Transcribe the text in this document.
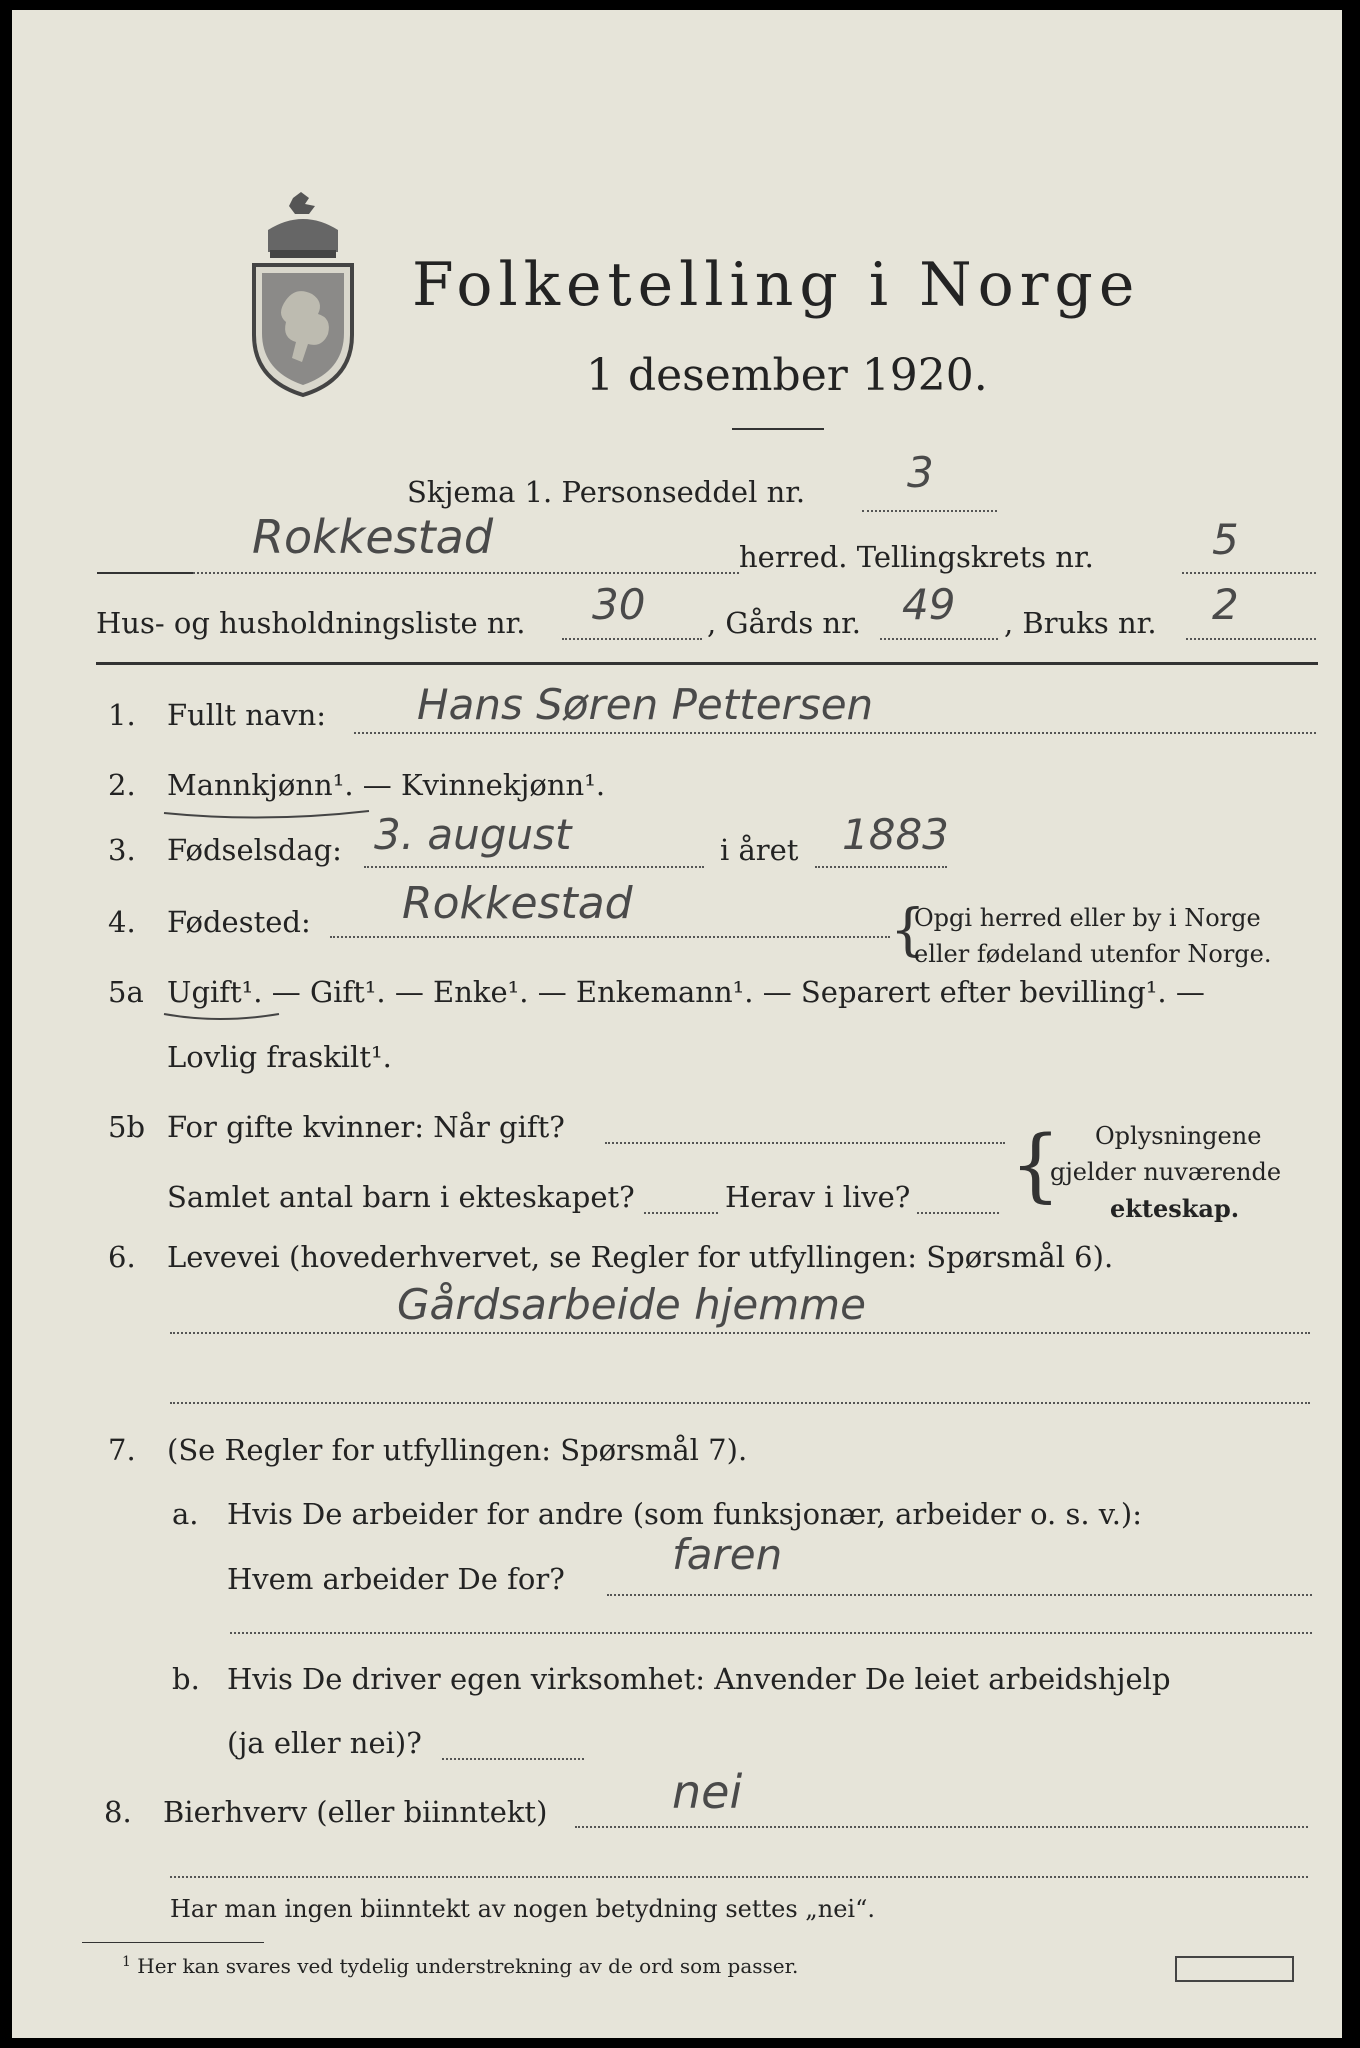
Folketelling i Norge
1 desember 1920.
Skjema 1. Personseddel nr. 3
Rokkestad	herred. Tellingskrets nr.	5
Hus- og husholdningsliste nr. 30 , Gårds nr. 49 , Bruks nr. 2
1. Fullt navn: Hans Søren Pettersen
2. Mannkjønn¹. — Kvinnekjønn¹.
3. Fødselsdag: 3. august	i året 1883
4. Fødested: Rokkestad	{
Opgi herred eller by i Norge
eller fødeland utenfor Norge.
5a Ugift¹. — Gift¹. — Enke¹. — Enkemann¹. — Separert efter bevilling¹. —
Lovlig fraskilt¹.
5b For gifte kvinner: Når gift?
Samlet antal barn i ekteskapet?	Herav i live? { Oplysningene
gjelder nuværende
ekteskap.
6. Levevei (hovederhvervet, se Regler for utfyllingen: Spørsmål 6).
Gårdsarbeide hjemme
7. (Se Regler for utfyllingen: Spørsmål 7).
a. Hvis De arbeider for andre (som funksjonær, arbeider o. s. v.):
Hvem arbeider De for?	faren
b. Hvis De driver egen virksomhet: Anvender De leiet arbeidshjelp
(ja eller nei)?
8. Bierhverv (eller biinntekt)	nei
Har man ingen biinntekt av nogen betydning settes „nei“.
$^1$ Her kan svares ved tydelig understrekning av de ord som passer.
